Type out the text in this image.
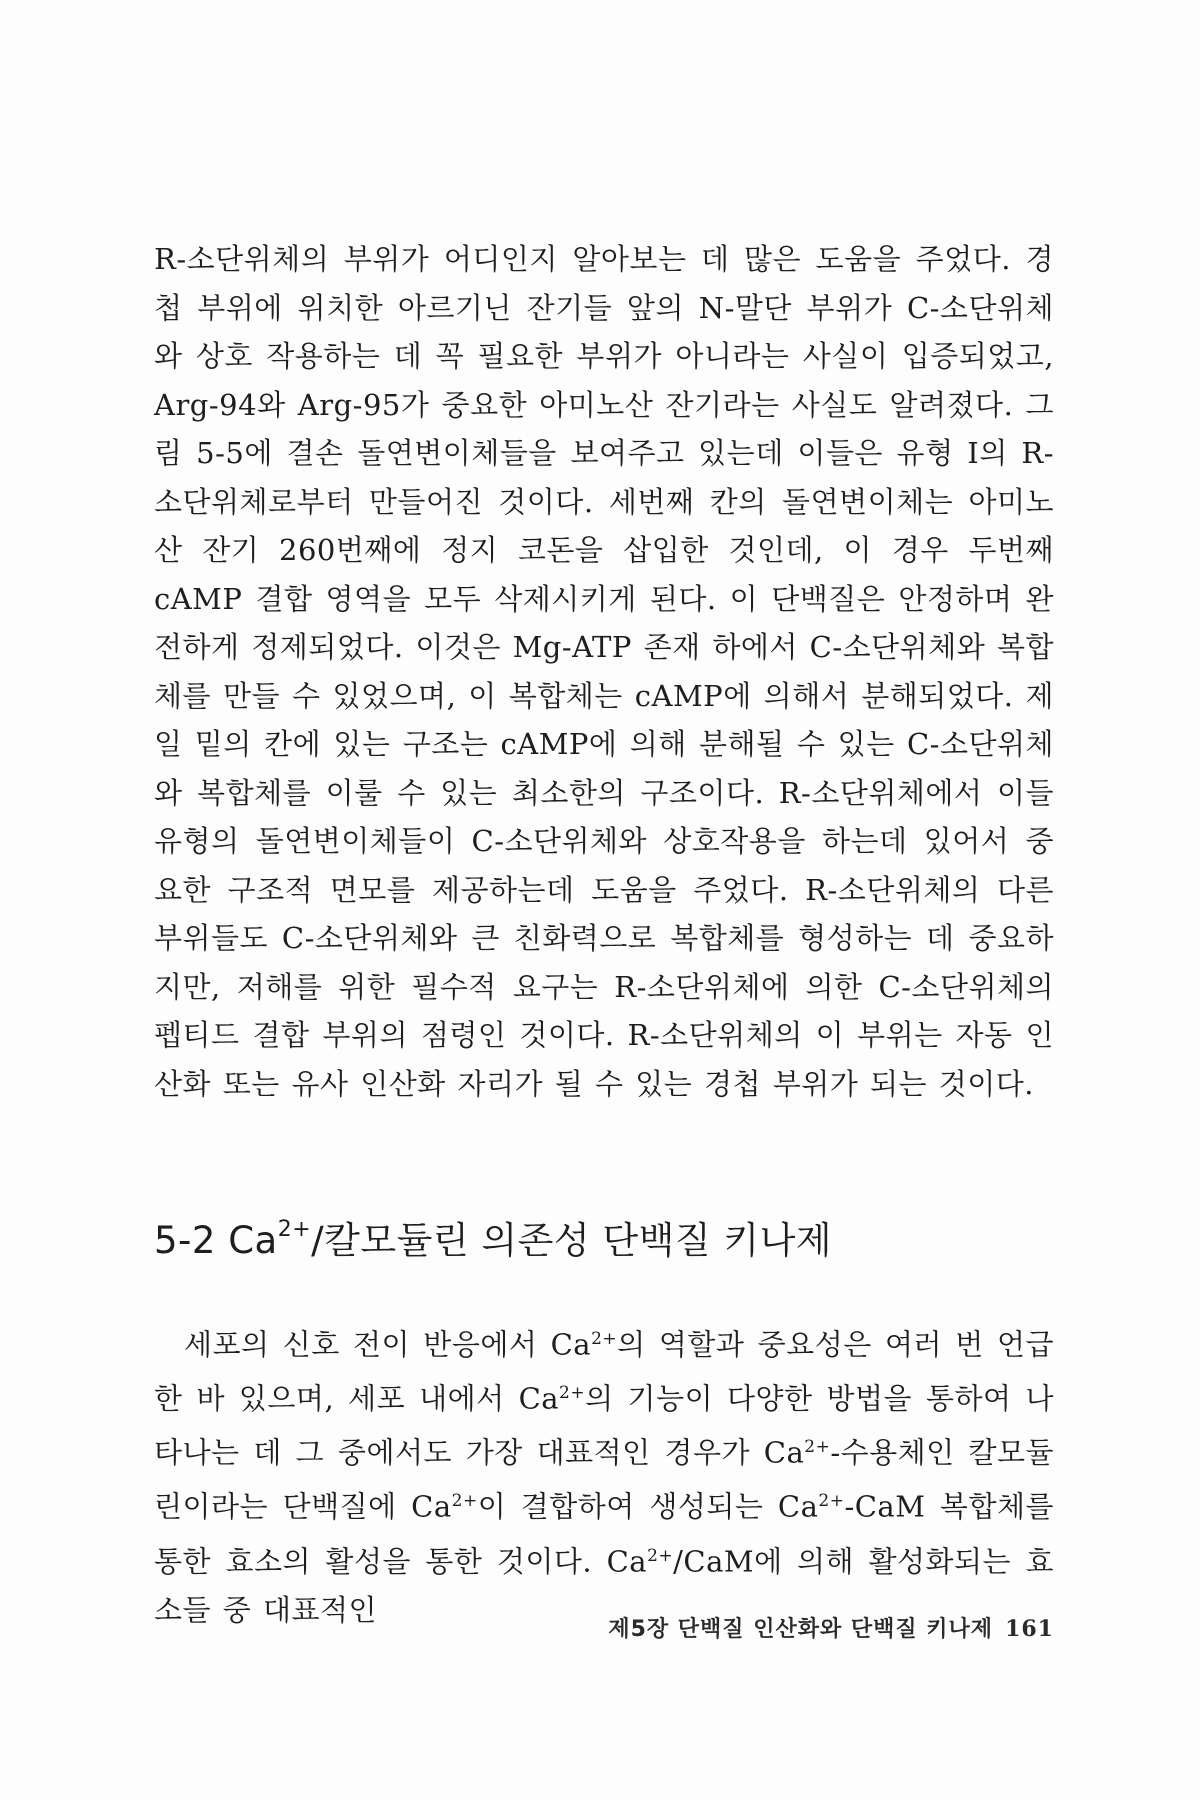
R-소단위체의 부위가 어디인지 알아보는 데 많은 도움을 주었다. 경첩 부위에 위치한 아르기닌 잔기들 앞의 N-말단 부위가 C-소단위체와 상호 작용하는 데 꼭 필요한 부위가 아니라는 사실이 입증되었고, Arg-94와 Arg-95가 중요한 아미노산 잔기라는 사실도 알려졌다. 그림 5-5에 결손 돌연변이체들을 보여주고 있는데 이들은 유형 I의 R-소단위체로부터 만들어진 것이다. 세번째 칸의 돌연변이체는 아미노산 잔기 260번째에 정지 코돈을 삽입한 것인데, 이 경우 두번째 cAMP 결합 영역을 모두 삭제시키게 된다. 이 단백질은 안정하며 완전하게 정제되었다. 이것은 Mg-ATP 존재 하에서 C-소단위체와 복합체를 만들 수 있었으며, 이 복합체는 cAMP에 의해서 분해되었다. 제일 밑의 칸에 있는 구조는 cAMP에 의해 분해될 수 있는 C-소단위체와 복합체를 이룰 수 있는 최소한의 구조이다. R-소단위체에서 이들 유형의 돌연변이체들이 C-소단위체와 상호작용을 하는데 있어서 중요한 구조적 면모를 제공하는데 도움을 주었다. R-소단위체의 다른 부위들도 C-소단위체와 큰 친화력으로 복합체를 형성하는 데 중요하지만, 저해를 위한 필수적 요구는 R-소단위체에 의한 C-소단위체의 펩티드 결합 부위의 점령인 것이다. R-소단위체의 이 부위는 자동 인산화 또는 유사 인산화 자리가 될 수 있는 경첩 부위가 되는 것이다.

5-2 $Ca^{2+}/$칼모듈린 의존성 단백질 키나제

세포의 신호 전이 반응에서 $Ca^{2+}$의 역할과 중요성은 여러 번 언급한 바 있으며, 세포 내에서 $Ca^{2+}$의 기능이 다양한 방법을 통하여 나타나는 데 그 중에서도 가장 대표적인 경우가 $Ca^{2+}-$수용체인 칼모듈린이라는 단백질에 $Ca^{2+}$이 결합하여 생성되는 $Ca^{2+}$-CaM 복합체를 통한 효소의 활성을 통한 것이다. $Ca^{2+}$/CaM에 의해 활성화되는 효소들 중 대표적인

제5장 단백질 인산화와 단백질 키나제 161
